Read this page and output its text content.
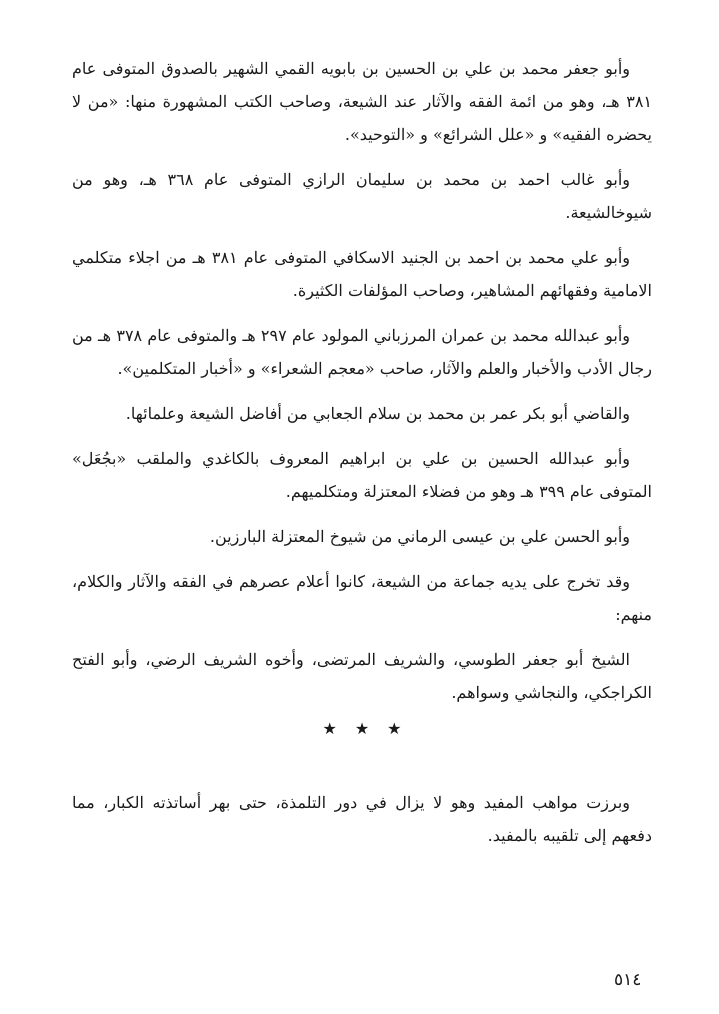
وأبو جعفر محمد بن علي بن الحسين بن بابويه القمي الشهير بالصدوق المتوفى عام ٣٨١ هـ، وهو من ائمة الفقه والآثار عند الشيعة، وصاحب الكتب المشهورة منها: «من لا يحضره الفقيه» و «علل الشرائع» و «التوحيد».

وأبو غالب احمد بن محمد بن سليمان الرازي المتوفى عام ٣٦٨ هـ، وهو من شيوخالشيعة.

وأبو علي محمد بن احمد بن الجنيد الاسكافي المتوفى عام ٣٨١ هـ من اجلاء متكلمي الامامية وفقهائهم المشاهير، وصاحب المؤلفات الكثيرة.

وأبو عبدالله محمد بن عمران المرزباني المولود عام ٢٩٧ هـ والمتوفى عام ٣٧٨ هـ من رجال الأدب والأخبار والعلم والآثار، صاحب «معجم الشعراء» و «أخبار المتكلمين».

والقاضي أبو بكر عمر بن محمد بن سلام الجعابي من أفاضل الشيعة وعلمائها.

وأبو عبدالله الحسين بن علي بن ابراهيم المعروف بالكاغدي والملقب «بجُعَل» المتوفى عام ٣٩٩ هـ وهو من فضلاء المعتزلة ومتكلميهم.

وأبو الحسن علي بن عيسى الرماني من شيوخ المعتزلة البارزين.

وقد تخرج على يديه جماعة من الشيعة، كانوا أعلام عصرهم في الفقه والآثار والكلام، منهم:

الشيخ أبو جعفر الطوسي، والشريف المرتضى، وأخوه الشريف الرضي، وأبو الفتح الكراجكي، والنجاشي وسواهم.

★ ★ ★

وبرزت مواهب المفيد وهو لا يزال في دور التلمذة، حتى بهر أساتذته الكبار، مما دفعهم إلى تلقيبه بالمفيد.

٥١٤
